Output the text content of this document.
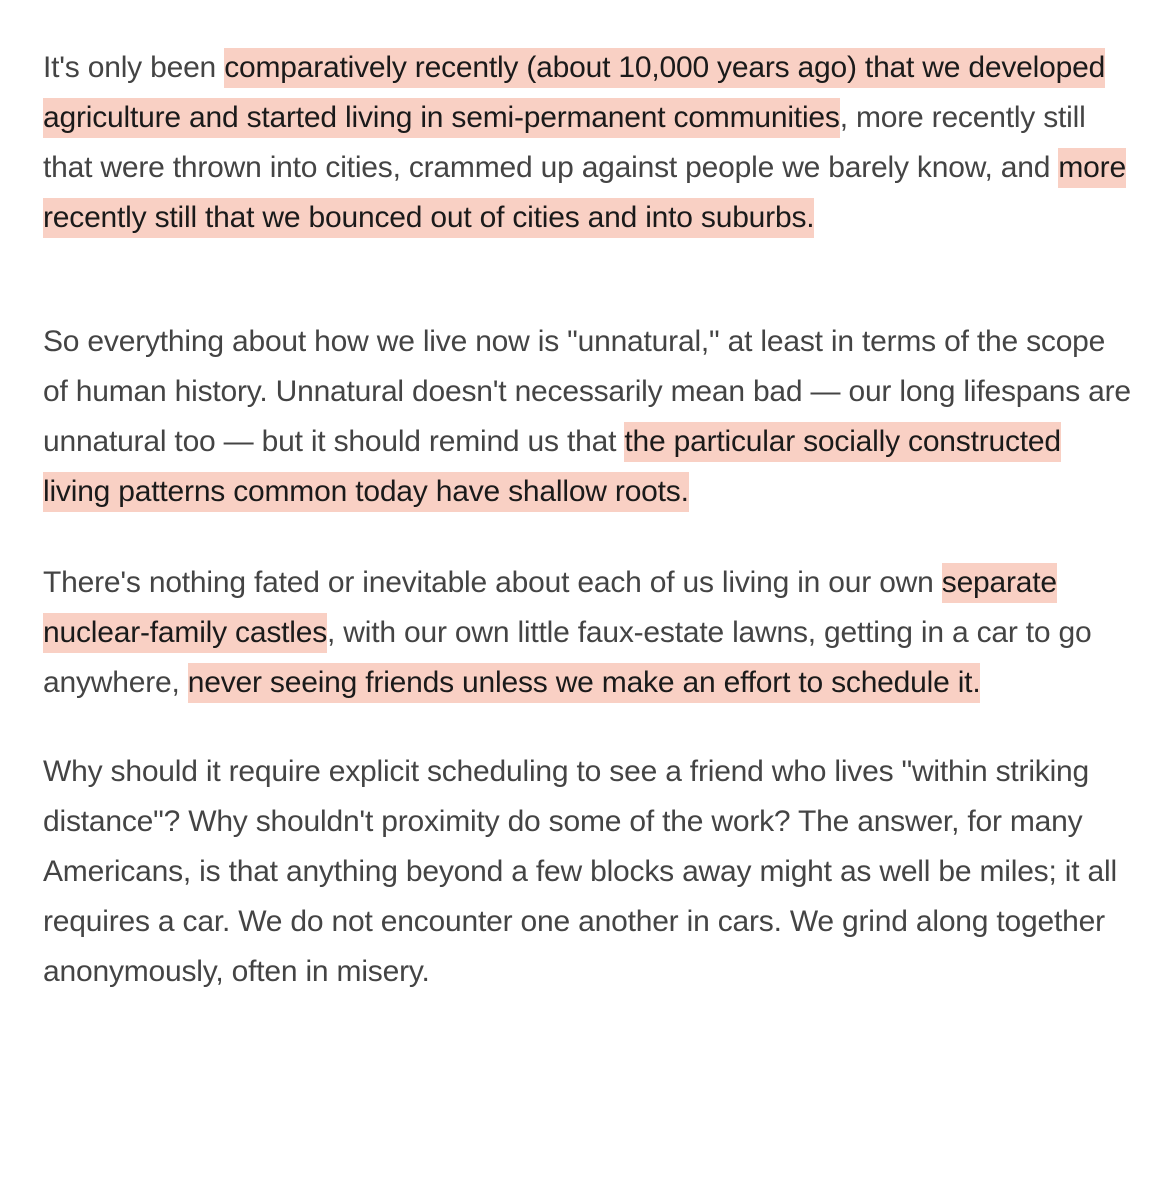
It's only been comparatively recently (about 10,000 years ago) that we developed agriculture and started living in semi-permanent communities, more recently still that were thrown into cities, crammed up against people we barely know, and more recently still that we bounced out of cities and into suburbs.

So everything about how we live now is "unnatural," at least in terms of the scope of human history. Unnatural doesn't necessarily mean bad — our long lifespans are unnatural too — but it should remind us that the particular socially constructed living patterns common today have shallow roots.

There's nothing fated or inevitable about each of us living in our own separate nuclear-family castles, with our own little faux-estate lawns, getting in a car to go anywhere, never seeing friends unless we make an effort to schedule it.

Why should it require explicit scheduling to see a friend who lives "within striking distance"? Why shouldn't proximity do some of the work? The answer, for many Americans, is that anything beyond a few blocks away might as well be miles; it all requires a car. We do not encounter one another in cars. We grind along together anonymously, often in misery.
